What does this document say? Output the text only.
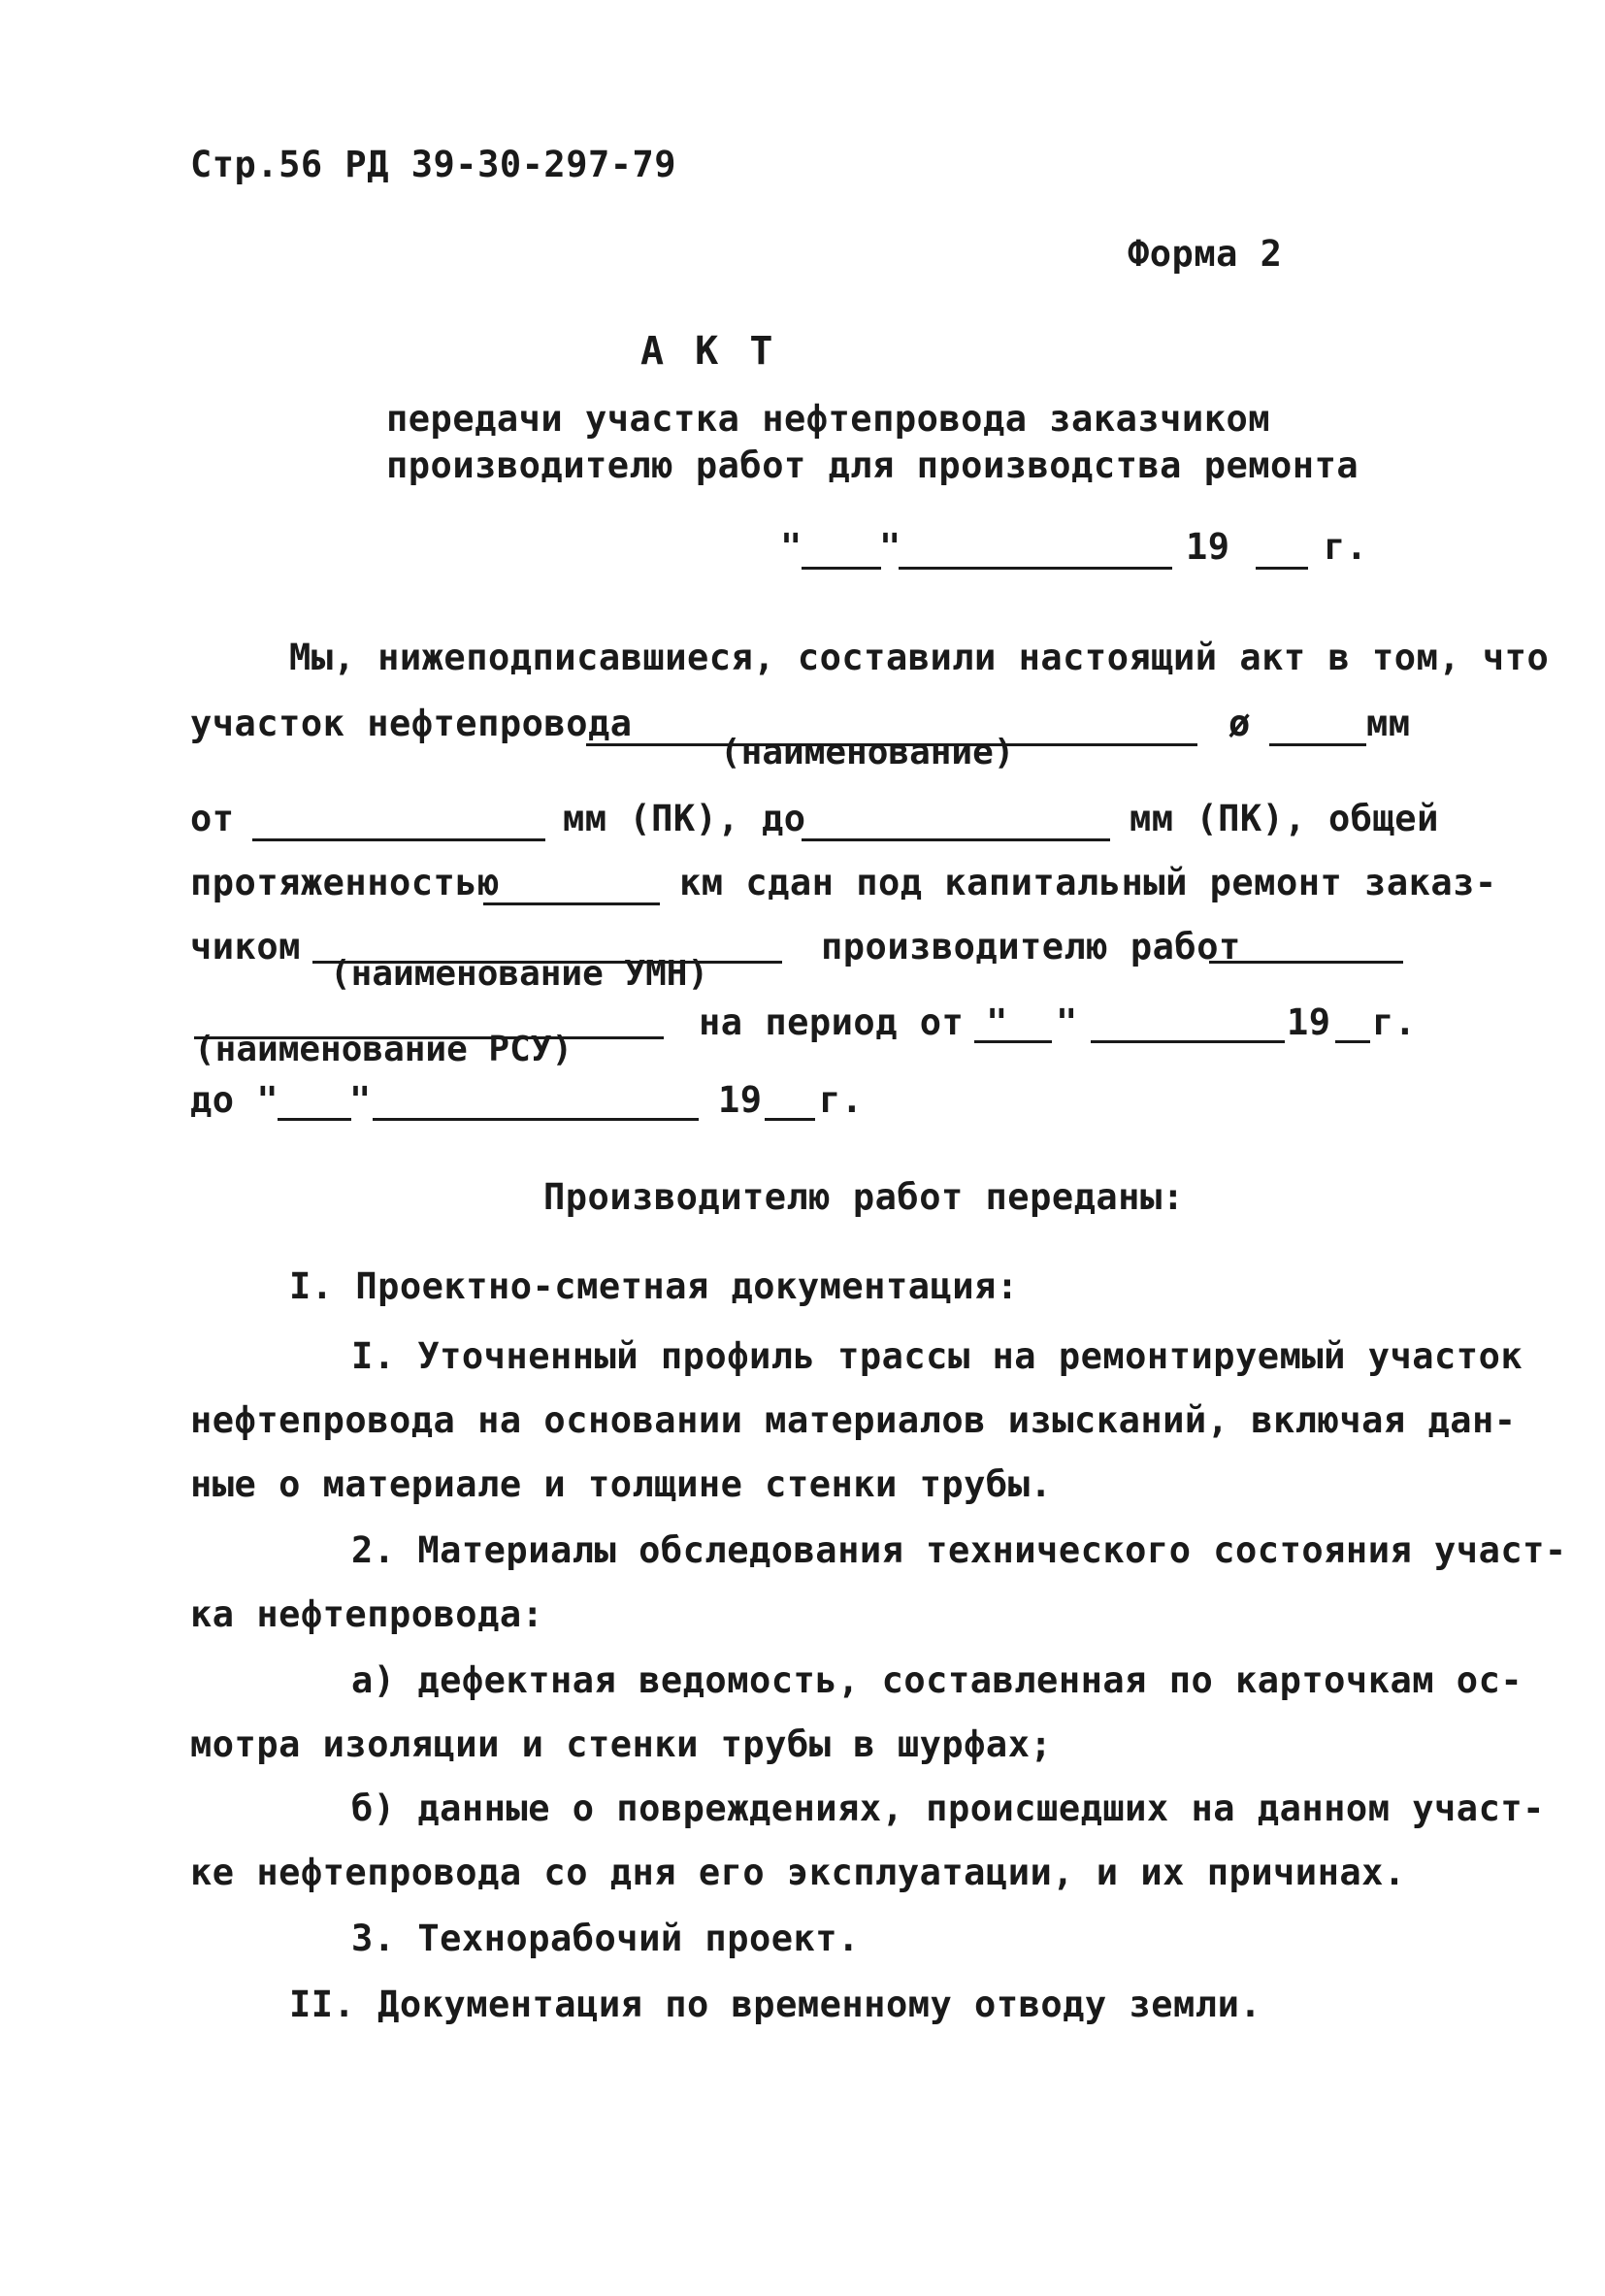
Стр.56 РД 39-30-297-79
Форма 2
А К Т
передачи участка нефтепровода заказчиком
производителю работ для производства ремонта
" "	19	г.
Мы, нижеподписавшиеся, составили настоящий акт в том, что
участок нефтепровода
(наименование)
ø	мм
от	мм (ПК), до	мм (ПК), общей
протяженностью	км сдан под капитальный ремонт заказ-
чиком
(наименование УМН)
производителю работ
(наименование РСУ)
на период от " "	19 г.
до " "	19 г.
Производителю работ переданы:
I. Проектно-сметная документация:
I. Уточненный профиль трассы на ремонтируемый участок
нефтепровода на основании материалов изысканий, включая дан-
ные о материале и толщине стенки трубы.
2. Материалы обследования технического состояния участ-
ка нефтепровода:
а) дефектная ведомость, составленная по карточкам ос-
мотра изоляции и стенки трубы в шурфах;
б) данные о повреждениях, происшедших на данном участ-
ке нефтепровода со дня его эксплуатации, и их причинах.
3. Технорабочий проект.
II. Документация по временному отводу земли.
